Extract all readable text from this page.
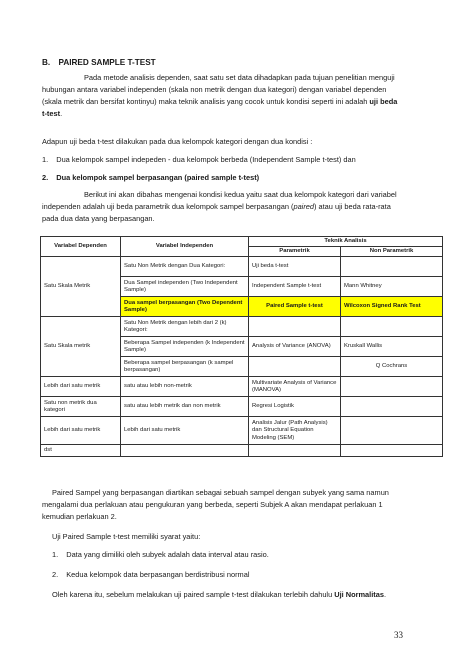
B. PAIRED SAMPLE T-TEST
Pada metode analisis dependen, saat satu set data dihadapkan pada tujuan penelitian menguji
hubungan antara variabel independen (skala non metrik dengan dua kategori) dengan variabel dependen
(skala metrik dan bersifat kontinyu) maka teknik analisis yang cocok untuk kondisi seperti ini adalah uji beda
t-test.
Adapun uji beda t-test dilakukan pada dua kelompok kategori dengan dua kondisi :
1. Dua kelompok sampel indepeden - dua kelompok berbeda (Independent Sample t-test) dan
2. Dua kelompok sampel berpasangan (paired sample t-test)
Berikut ini akan dibahas mengenai kondisi kedua yaitu saat dua kelompok kategori dari variabel
independen adalah uji beda parametrik dua kelompok sampel berpasangan (paired) atau uji beda rata-rata
pada dua data yang berpasangan.
Variabel Dependen	Variabel Independen	Teknik Analisis	
		Parametrik	Non Parametrik
Satu Skala Metrik	Satu Non Metrik dengan Dua Kategori:	Uji beda t-test	
	Dua Sampel independen (Two Independent Sample)	Independent Sample t-test	Mann Whitney
	Dua sampel berpasangan (Two Dependent Sample)	Paired Sample t-test	Wilcoxon Signed Rank Test
Satu Skala metrik	Satu Non Metrik dengan lebih dari 2 (k) Kategori:		
	Beberapa Sampel independen (k Independent Sample)	Analysis of Variance (ANOVA)	Kruskall Wallis
	Beberapa sampel berpasangan (k sampel berpasangan)		Q Cochrans
Lebih dari satu metrik	satu atau lebih non-metrik	Multivariate Analysis of Variance (MANOVA)	
Satu non metrik dua kategori	satu atau lebih metrik dan non metrik	Regresi Logistik	
Lebih dari satu metrik	Lebih dari satu metrik	Analisis Jalur (Path Analysis) dan Structural Equation Modeling (SEM)	
dst			
Paired Sampel yang berpasangan diartikan sebagai sebuah sampel dengan subyek yang sama namun
mengalami dua perlakuan atau pengukuran yang berbeda, seperti Subjek A akan mendapat perlakuan 1
kemudian perlakuan 2.
Uji Paired Sample t-test memiliki syarat yaitu:
1. Data yang dimiliki oleh subyek adalah data interval atau rasio.
2. Kedua kelompok data berpasangan berdistribusi normal
Oleh karena itu, sebelum melakukan uji paired sample t-test dilakukan terlebih dahulu Uji Normalitas.
33
